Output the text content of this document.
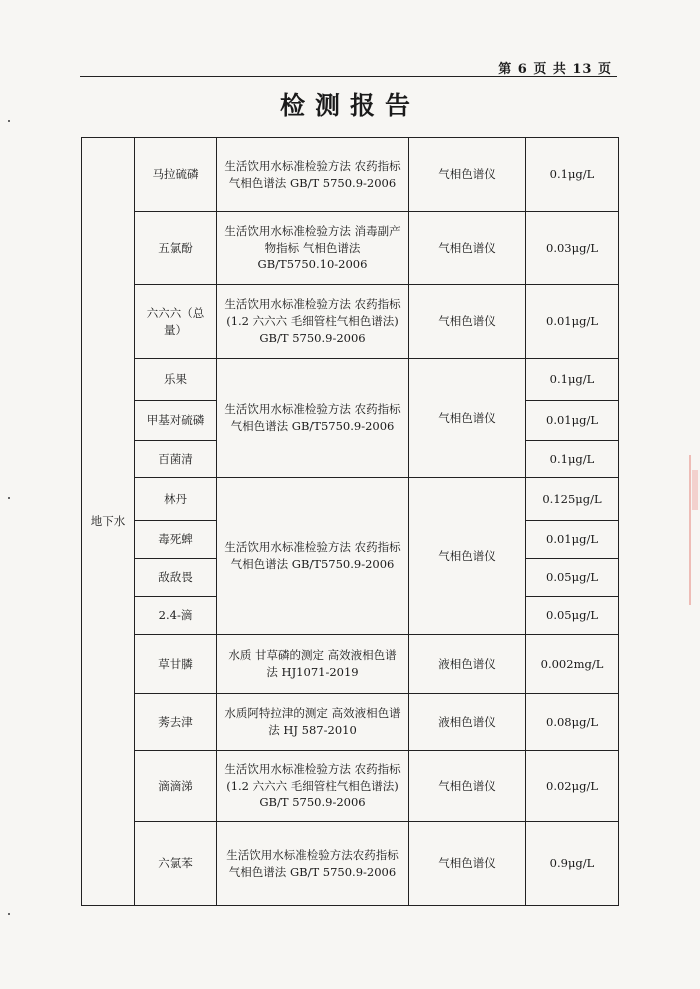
第 6 页 共 13 页
检测报告
地下水	马拉硫磷	生活饮用水标准检验方法 农药指标气相色谱法 GB/T 5750.9-2006	气相色谱仪	0.1μg/L
	五氯酚	生活饮用水标准检验方法 消毒副产物指标 气相色谱法 GB/T5750.10-2006	气相色谱仪	0.03μg/L
	六六六（总量）	生活饮用水标准检验方法 农药指标(1.2 六六六 毛细管柱气相色谱法) GB/T 5750.9-2006	气相色谱仪	0.01μg/L
	乐果	生活饮用水标准检验方法 农药指标 气相色谱法 GB/T5750.9-2006	气相色谱仪	0.1μg/L
	甲基对硫磷			0.01μg/L
	百菌清			0.1μg/L
	林丹	生活饮用水标准检验方法 农药指标 气相色谱法 GB/T5750.9-2006	气相色谱仪	0.125μg/L
	毒死蜱			0.01μg/L
	敌敌畏			0.05μg/L
	2.4-滴			0.05μg/L
	草甘膦	水质 甘草磷的测定 高效液相色谱法 HJ1071-2019	液相色谱仪	0.002mg/L
	莠去津	水质阿特拉津的测定 高效液相色谱法 HJ 587-2010	液相色谱仪	0.08μg/L
	滴滴涕	生活饮用水标准检验方法 农药指标(1.2 六六六 毛细管柱气相色谱法) GB/T 5750.9-2006	气相色谱仪	0.02μg/L
	六氯苯	生活饮用水标准检验方法农药指标 气相色谱法 GB/T 5750.9-2006	气相色谱仪	0.9μg/L
